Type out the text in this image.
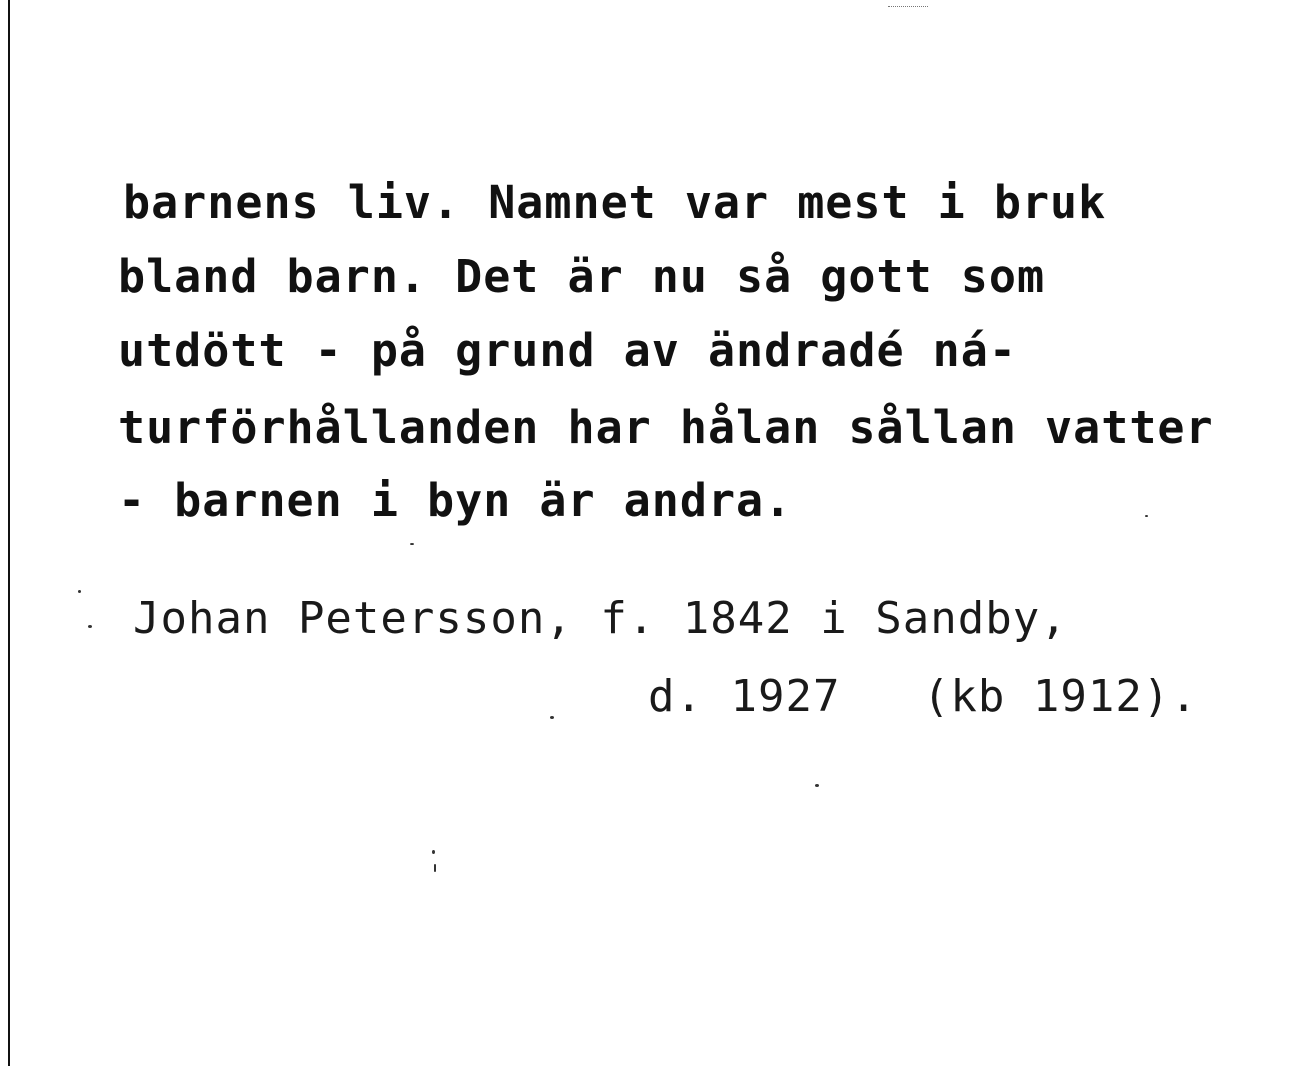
barnens liv. Namnet var mest i bruk
bland barn. Det är nu så gott som
utdött - på grund av ändradé ná-
turförhållanden har hålan sållan vatter
- barnen i byn är andra.
Johan Petersson, f. 1842 i Sandby,
d. 1927   (kb 1912).
